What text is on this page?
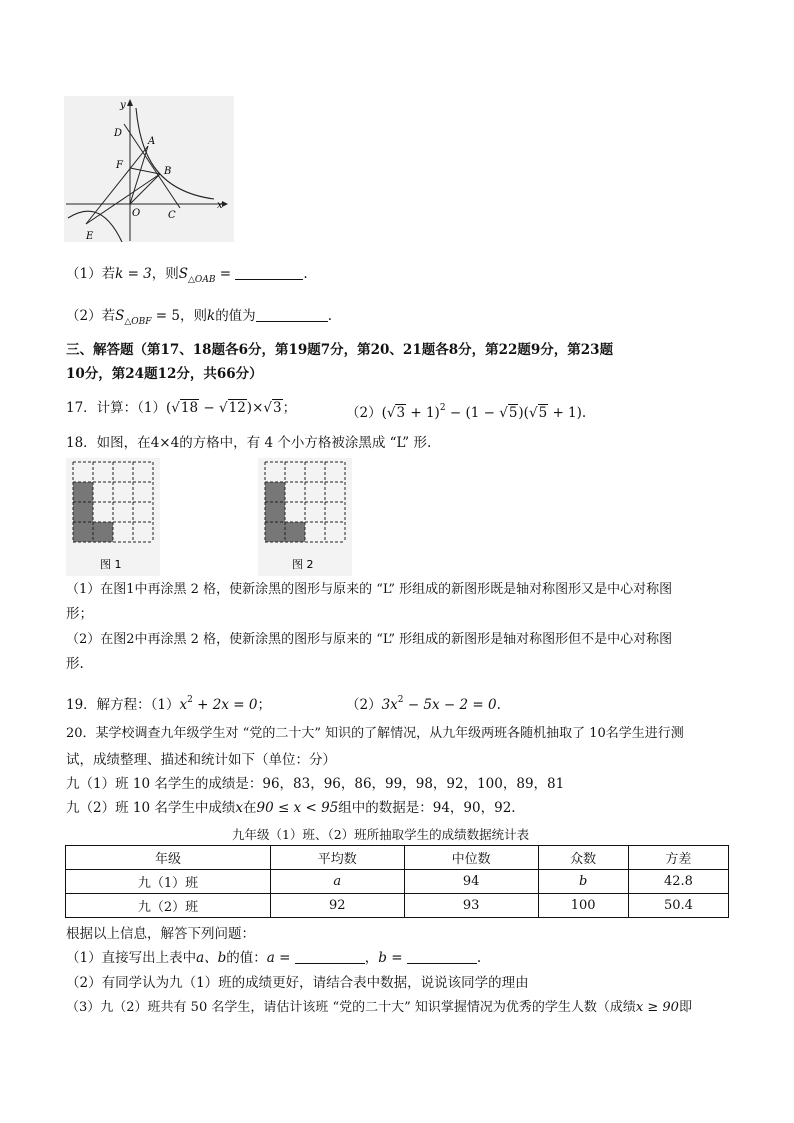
y
x
D
A
F
B
O	C
E
（1）若k = 3，则$S_{\triangle OAB}$ =	.
（2）若$S_{\triangle OBF} = 5$，则k的值为	.
三、解答题（第17、18题各6分，第19题7分，第20、21题各8分，第22题9分，第23题
10分，第24题12分，共66分）
17．计算：（1）(√18 − √12)×√3；	$(2)(√3 + 1)^2 - (1 - √5)(√5 + 1)$.
18．如图，在4×4的方格中，有 4 个小方格被涂黑成 “L” 形.
图 1	图 2
（1）在图1中再涂黑 2 格，使新涂黑的图形与原来的 “L” 形组成的新图形既是轴对称图形又是中心对称图
形；
（2）在图2中再涂黑 2 格，使新涂黑的图形与原来的 “L” 形组成的新图形是轴对称图形但不是中心对称图
形.
19．解方程：$(1)x^2 + 2x = 0$；	$(2)3x^2 - 5x - 2 = 0$.
20．某学校调查九年级学生对 “党的二十大” 知识的了解情况，从九年级两班各随机抽取了 10名学生进行测
试，成绩整理、描述和统计如下（单位：分）
九（1）班 10 名学生的成绩是：96，83，96，86，99，98，92，100，89，81
九（2）班 10 名学生中成绩x在90 ≤ x < 95组中的数据是：94，90，92.
九年级（1）班、（2）班所抽取学生的成绩数据统计表
年级	平均数	中位数	众数	方差
九（1）班	a	94	b	42.8
九（2）班	92	93	100	50.4
根据以上信息，解答下列问题：
（1）直接写出上表中a、b的值：a =	，b =	.
（2）有同学认为九（1）班的成绩更好，请结合表中数据，说说该同学的理由
（3）九（2）班共有 50 名学生，请估计该班 “党的二十大” 知识掌握情况为优秀的学生人数（成绩x ≥ 90即
